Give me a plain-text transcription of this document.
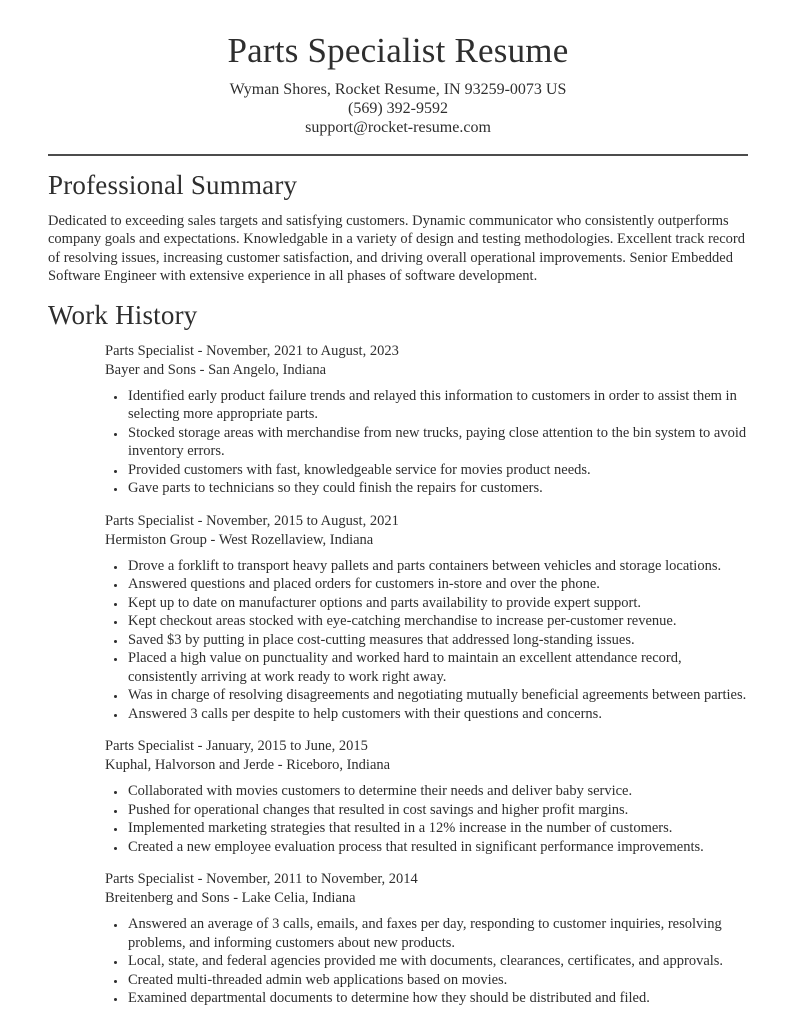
Parts Specialist Resume
Wyman Shores, Rocket Resume, IN 93259-0073 US
(569) 392-9592
support@rocket-resume.com
Professional Summary

Dedicated to exceeding sales targets and satisfying customers. Dynamic communicator who consistently outperforms company goals and expectations. Knowledgable in a variety of design and testing methodologies. Excellent track record of resolving issues, increasing customer satisfaction, and driving overall operational improvements. Senior Embedded Software Engineer with extensive experience in all phases of software development.

Work History
Parts Specialist - November, 2021 to August, 2023
Bayer and Sons - San Angelo, Indiana
• Identified early product failure trends and relayed this information to customers in order to assist them in selecting more appropriate parts.
• Stocked storage areas with merchandise from new trucks, paying close attention to the bin system to avoid inventory errors.
• Provided customers with fast, knowledgeable service for movies product needs.
• Gave parts to technicians so they could finish the repairs for customers.
Parts Specialist - November, 2015 to August, 2021
Hermiston Group - West Rozellaview, Indiana
• Drove a forklift to transport heavy pallets and parts containers between vehicles and storage locations.
• Answered questions and placed orders for customers in-store and over the phone.
• Kept up to date on manufacturer options and parts availability to provide expert support.
• Kept checkout areas stocked with eye-catching merchandise to increase per-customer revenue.
• Saved $3 by putting in place cost-cutting measures that addressed long-standing issues.
• Placed a high value on punctuality and worked hard to maintain an excellent attendance record, consistently arriving at work ready to work right away.
• Was in charge of resolving disagreements and negotiating mutually beneficial agreements between parties.
• Answered 3 calls per despite to help customers with their questions and concerns.
Parts Specialist - January, 2015 to June, 2015
Kuphal, Halvorson and Jerde - Riceboro, Indiana
• Collaborated with movies customers to determine their needs and deliver baby service.
• Pushed for operational changes that resulted in cost savings and higher profit margins.
• Implemented marketing strategies that resulted in a 12% increase in the number of customers.
• Created a new employee evaluation process that resulted in significant performance improvements.
Parts Specialist - November, 2011 to November, 2014
Breitenberg and Sons - Lake Celia, Indiana
• Answered an average of 3 calls, emails, and faxes per day, responding to customer inquiries, resolving problems, and informing customers about new products.
• Local, state, and federal agencies provided me with documents, clearances, certificates, and approvals.
• Created multi-threaded admin web applications based on movies.
• Examined departmental documents to determine how they should be distributed and filed.
